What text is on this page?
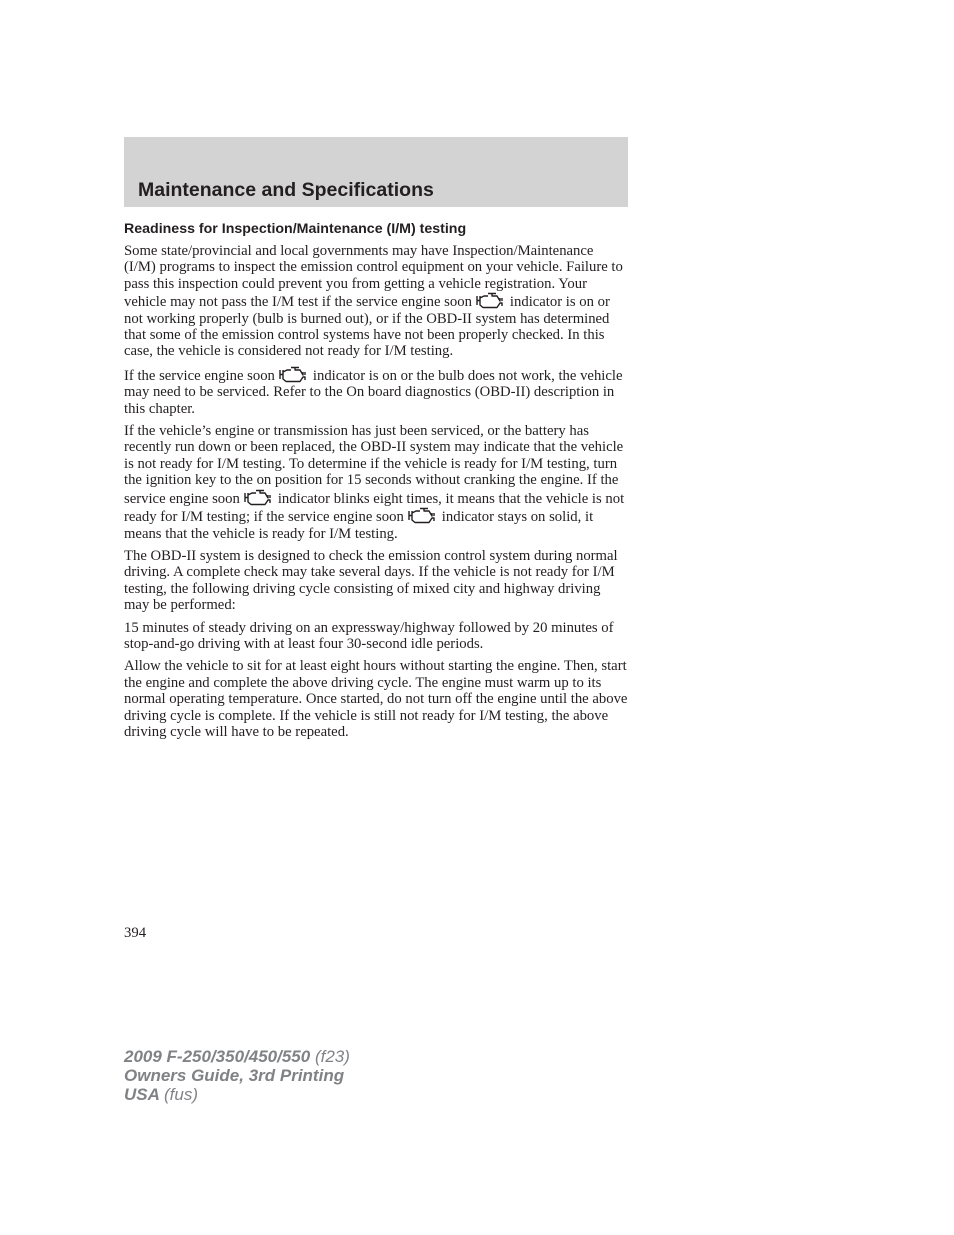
Maintenance and Specifications
Readiness for Inspection/Maintenance (I/M) testing

Some state/provincial and local governments may have Inspection/Maintenance (I/M) programs to inspect the emission control equipment on your vehicle. Failure to pass this inspection could prevent you from getting a vehicle registration. Your vehicle may not pass the I/M test if the service engine soon	indicator is on or not working properly (bulb is burned out), or if the OBD-II system has determined that some of the emission control systems have not been properly checked. In this case, the vehicle is considered not ready for I/M testing.

If the service engine soon	indicator is on or the bulb does not work, the vehicle may need to be serviced. Refer to the On board diagnostics (OBD-II) description in this chapter.

If the vehicle’s engine or transmission has just been serviced, or the battery has recently run down or been replaced, the OBD-II system may indicate that the vehicle is not ready for I/M testing. To determine if the vehicle is ready for I/M testing, turn the ignition key to the on position for 15 seconds without cranking the engine. If the service engine soon	indicator blinks eight times, it means that the vehicle is not ready for I/M testing; if the service engine soon	indicator stays on solid, it means that the vehicle is ready for I/M testing.

The OBD-II system is designed to check the emission control system during normal driving. A complete check may take several days. If the vehicle is not ready for I/M testing, the following driving cycle consisting of mixed city and highway driving may be performed:

15 minutes of steady driving on an expressway/highway followed by 20 minutes of stop-and-go driving with at least four 30-second idle periods.

Allow the vehicle to sit for at least eight hours without starting the engine. Then, start the engine and complete the above driving cycle. The engine must warm up to its normal operating temperature. Once started, do not turn off the engine until the above driving cycle is complete. If the vehicle is still not ready for I/M testing, the above driving cycle will have to be repeated.

394
2009 F-250/350/450/550 (f23)
Owners Guide, 3rd Printing
USA (fus)
